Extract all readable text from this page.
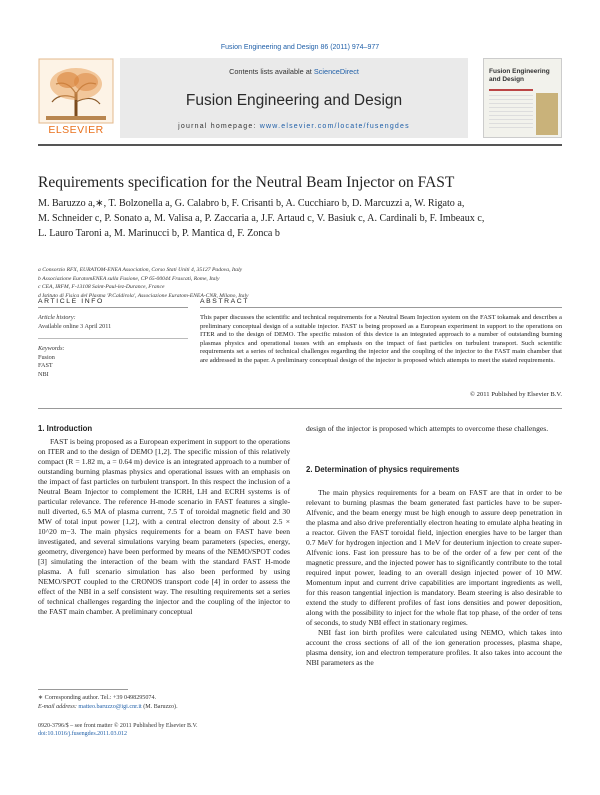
Fusion Engineering and Design 86 (2011) 974–977
ELSEVIER
Contents lists available at ScienceDirect
Fusion Engineering and Design
journal homepage: www.elsevier.com/locate/fusengdes
Fusion Engineering and Design
Requirements specification for the Neutral Beam Injector on FAST
M. Baruzzo a,∗, T. Bolzonella a, G. Calabro b, F. Crisanti b, A. Cucchiaro b, D. Marcuzzi a, W. Rigato a,
M. Schneider c, P. Sonato a, M. Valisa a, P. Zaccaria a, J.F. Artaud c, V. Basiuk c, A. Cardinali b, F. Imbeaux c,
L. Lauro Taroni a, M. Marinucci b, P. Mantica d, F. Zonca b
a Consorzio RFX, EURATOM-ENEA Association, Corso Stati Uniti 4, 35127 Padova, Italy
b Associazione EuratomENEA sulla Fusione, CP 65-00044 Frascati, Rome, Italy
c CEA, IRFM, F-13108 Saint-Paul-lez-Durance, France
d Istituto di Fisica del Plasma 'P.Caldirola', Associazione Euratom-ENEA-CNR, Milano, Italy
ARTICLE INFO	ABSTRACT
Article history:
Available online 3 April 2011
Keywords:
Fusion
FAST
NBI
This paper discusses the scientific and technical requirements for a Neutral Beam Injection system on the FAST tokamak and describes a preliminary conceptual design of a suitable injector. FAST is being proposed as a European experiment in support to the operations on ITER and to the design of DEMO. The specific mission of this device is an integrated approach to a number of outstanding burning plasmas physics and operational issues with an emphasis on the impact of fast particles on turbulent transport. Such scientific requirements set a series of technical challenges regarding the injector and the coupling of the injector to the FAST main chamber that are addressed in the paper. A preliminary conceptual design of the injector is proposed which attempts to meet the stated requirements.
© 2011 Published by Elsevier B.V.
1. Introduction

FAST is being proposed as a European experiment in support to the operations on ITER and to the design of DEMO [1,2]. The specific mission of this relatively compact (R = 1.82 m, a = 0.64 m) device is an integrated approach to a number of outstanding burning plasmas physics and operational issues with an emphasis on the impact of fast particles on turbulent transport. In this respect the inclusion of a Neutral Beam Injector to complement the ICRH, LH and ECRH systems is of particular relevance. The reference H-mode scenario in FAST features a single-null diverted, 6.5 MA of plasma current, 7.5 T of toroidal magnetic field and 30 MW of total input power [1,2], with a central electron density of about 2.5 × 10^20 m−3. The main physics requirements for a beam on FAST have been investigated, and several simulations varying beam parameters (species, energy, geometry, divergence) have been performed by means of the NEMO/SPOT codes [3] simulating the interaction of the beam with the standard FAST H-mode plasma. A full scenario simulation has also been performed by using NEMO/SPOT coupled to the CRONOS transport code [4] in order to assess the effect of the NBI in a self consistent way. The resulting requirements set a series of technical challenges regarding the injector and the coupling of the injector to the FAST main chamber. A preliminary conceptual

design of the injector is proposed which attempts to overcome these challenges.
2. Determination of physics requirements

The main physics requirements for a beam on FAST are that in order to be relevant to burning plasmas the beam generated fast particles have to be super-Alfvenic, and the beam energy must be high enough to assure deep penetration in the plasma and also drive preferentially electron heating to emulate alpha heating in a reactor. Given the FAST toroidal field, injection energies have to be larger than 0.7 MeV for hydrogen injection and 1 MeV for deuterium injection to create super-Alfvenic ions. Fast ion pressure has to be of the order of a few per cent of the magnetic pressure, and the injected power has to significantly contribute to the total required input power, leading to an overall design injected power of 10 MW. Momentum input and current drive capabilities are important ingredients as well, for this reason tangential injection is mandatory. Beam steering is also desirable to extend the study to different profiles of fast ions densities and power deposition, along with the possibility to inject for the whole flat top phase, of the order of tens of seconds, to study NBI effect in stationary regimes.

NBI fast ion birth profiles were calculated using NEMO, which takes into account the cross sections of all of the ion generation processes, plasma shape, plasma density, ion and electron temperature profiles. It also takes into account the NBI parameters as the

∗ Corresponding author. Tel.: +39 0498295074.
E-mail address: matteo.baruzzo@igi.cnr.it (M. Baruzzo).
0920-3796/$ – see front matter © 2011 Published by Elsevier B.V.
doi:10.1016/j.fusengdes.2011.03.012
